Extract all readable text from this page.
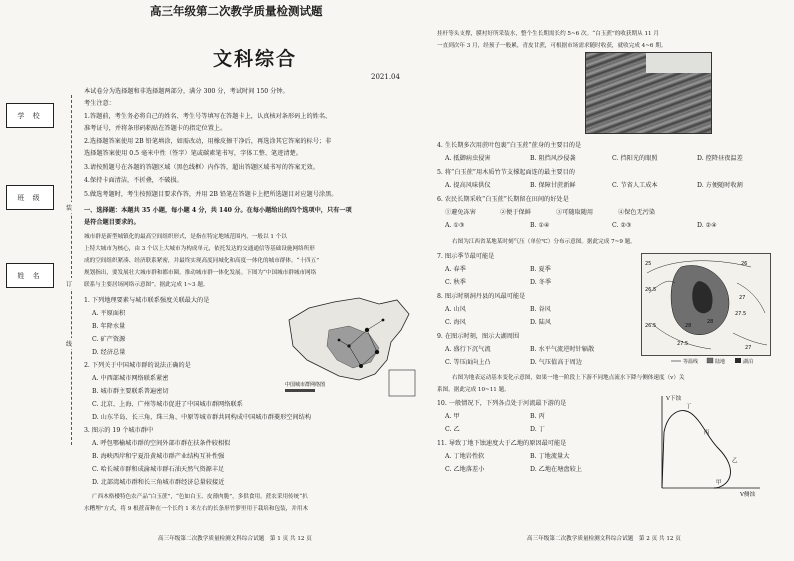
高三年级第二次教学质量检测试题
文科综合
2021.04
学 校
班 级
姓 名
装
订
线
本试卷分为选择题和非选择题两部分，满分 300 分，考试时间 150 分钟。
考生注意：
1.答题前，考生务必将自己的姓名、考生号等填写在答题卡上，认真核对条形码上的姓名、
准考证号，并将条形码粘贴在答题卡的指定位置上。
2.选择题答案使用 2B 铅笔填涂，如需改动，用橡皮擦干净后，再选涂其它答案的标号；非
选择题答案使用 0.5 毫米中性（签字）笔或碳素笔书写，字体工整、笔迹清楚。
3.请按照题号在各题的答题区域（黑色线框）内作答，超出答题区域书写的答案无效。
4.保持卡面清洁，不折叠，不破损。
5.做选考题时，考生按照题目要求作答，并用 2B 铅笔在答题卡上把所选题目对应题号涂黑。
一、选择题：本题共 35 小题，每小题 4 分，共 140 分。在每小题给出的四个选项中，只有一项
是符合题目要求的。
城市群是新型城镇化的最高空间组织形式，是指在特定地域范围内，一般以 1 个以
上特大城市为核心，由 3 个以上大城市为构成单元，依托发达的交通通信等基础设施网络所形
成的空间组织紧凑、经济联系紧密，并最终实现高度同城化和高度一体化的城市群体。“十四五”
规划指出，要发展壮大城市群和都市圈，推动城市群一体化发展。下图为“中国城市群城市网络
联系与主要居场网络示意图”。据此完成 1~3 题。
1. 下列地理要素与城市联系强度关联最大的是
A. 平原面积
B. 年降水量
C. 矿产资源
D. 经济总量
2. 下列关于中国城市群的说法正确的是
A. 中西部城市网络联系紧密
B. 城市群主要联系普遍密切
C. 北京、上海、广州等城市促进了中国城市群网络联系
D. 山东半岛、长三角、珠三角、中原等城市群共同构成中国城市群菱形空间结构
3. 图示的 19 个城市群中
A. 呼包鄂榆城市群的空间外部市群在扶条件较相似
B. 海峡西岸和宁夏沿黄城市群产业结构互补性强
C. 哈长城市群和成渝城市群石油天然气资源丰足
D. 北部湾城市群和长三角城市群经济总量较接近
广西木格楼特色农产品“白玉蔗”，“色如白玉、皮薄肉脆”，多供食用。蔗农采用传统“扒
水糟埋”方式，将 9 根蔗苗种在一个长约 1 米左右的长条形竹箩里用于栽培和包装，并用木
中国城市群网络图
高三年级第二次教学质量检测文科综合试题　第 1 页 共 12 页
挂杆等头支撑，膜衬好所采装水，整个生长期需长约 5~6 次。“白玉蔗”的收获期从 11 月
一直到次年 3 月，经预子一般累，青皮甘蔗，可根据市场需求随时收获，就收完成 4~6 期。
4. 生长期多次用蔗叶包裹“白玉蔗”蔗身的主要目的是
A. 抵御病虫侵害	B. 阻挡风沙侵袭	C. 挡阳光的眼照	D. 控降昼夜温差
5. 将“白玉蔗”用木质竹节支撑起面连的最主要目的
A. 提高风味供仪	B. 保障甘蔗新鲜	C. 节省人工成本	D. 方便随时收割
6. 农民长期采收“白玉蔗”长期留在田间的好处是
①避免冻害	②便于保鲜	③可随取随用	④保色无污染
A. ①③	B. ①④	C. ②③	D. ②④
右图为江西省某地某时刻气压（单位℃）分布示意图。据此完成 7~9 题。
7. 图示季节最可能是
A. 春季	B. 夏季
C. 秋季	D. 冬季
8. 图示时刻洞丹县的风最可能是
A. 山风	B. 谷风
C. 海风	D. 陆风
9. 在图示时刻，图示大湖周围
A. 盛行下沉气流	B. 水平气流逆时针辐散
C. 等压面向上凸	D. 气压值高于周边
25	26
26.5
27
27.5
28
26.5	28
27.5
27
等温线	陆地	湖泊
右图为地表运动基本变化示意图，如果一地一阶段上下游不同地点流水下降与侧体速度（v）关
系图。据此完成 10~11 题。
10. 一般情况下，下列各点处于河流最下游的是
A. 甲	B. 丙
C. 乙	D. 丁
11. 导致丁地下蚀速度大于乙地的原因最可能是
A. 丁地岩性软	B. 丁地流量大
C. 乙地落差小	D. 乙地在塘盘较上
V下蚀
V侧蚀
丁
丙
乙
甲
高三年级第二次教学质量检测文科综合试题　第 2 页 共 12 页
